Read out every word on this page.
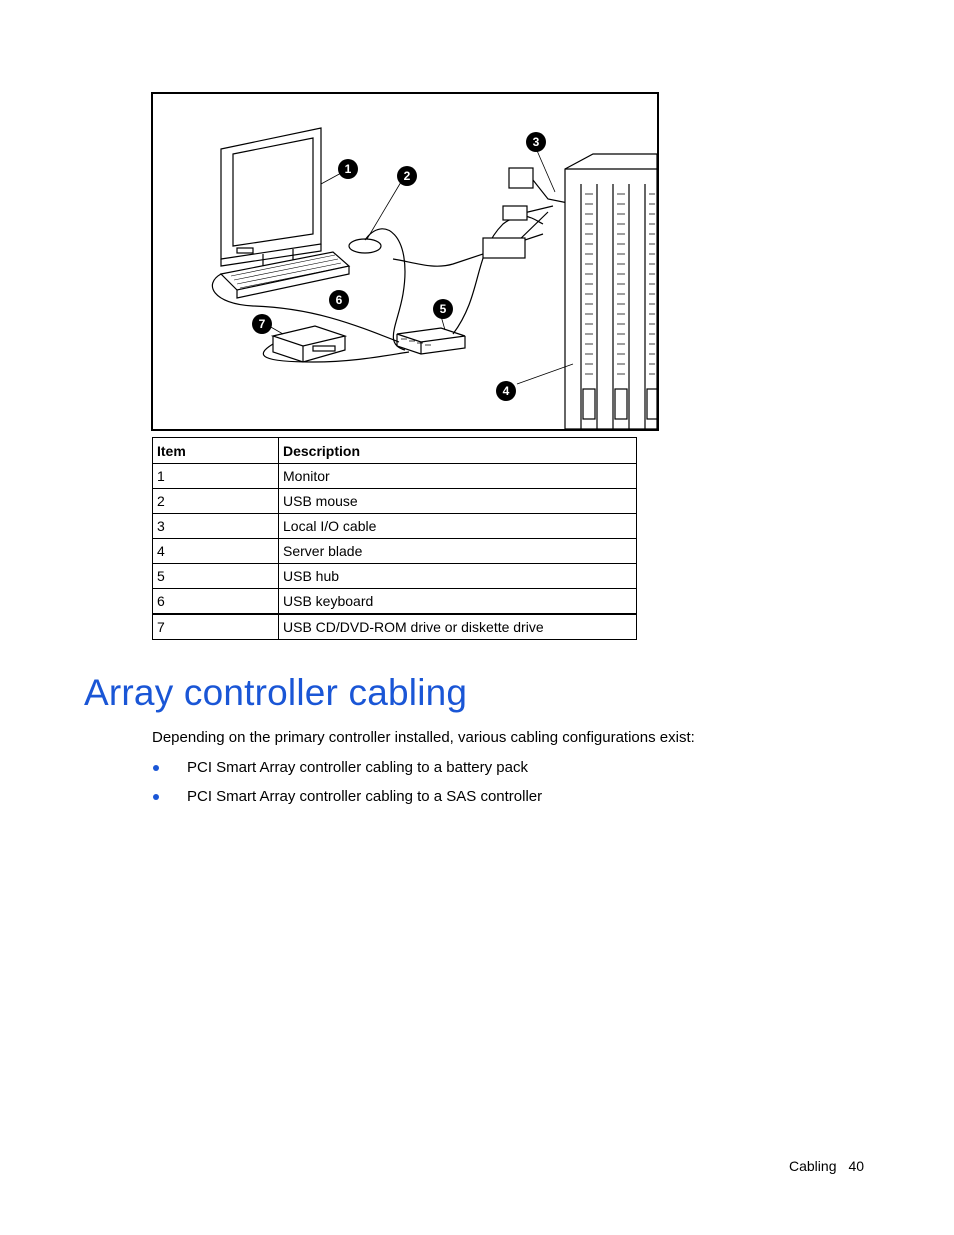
1	2
3
4
5
6
7
Item	Description
1	Monitor
2	USB mouse
3	Local I/O cable
4	Server blade
5	USB hub
6	USB keyboard
7	USB CD/DVD-ROM drive or diskette drive
Array controller cabling

Depending on the primary controller installed, various cabling configurations exist:

PCI Smart Array controller cabling to a battery pack
PCI Smart Array controller cabling to a SAS controller
Cabling 40
